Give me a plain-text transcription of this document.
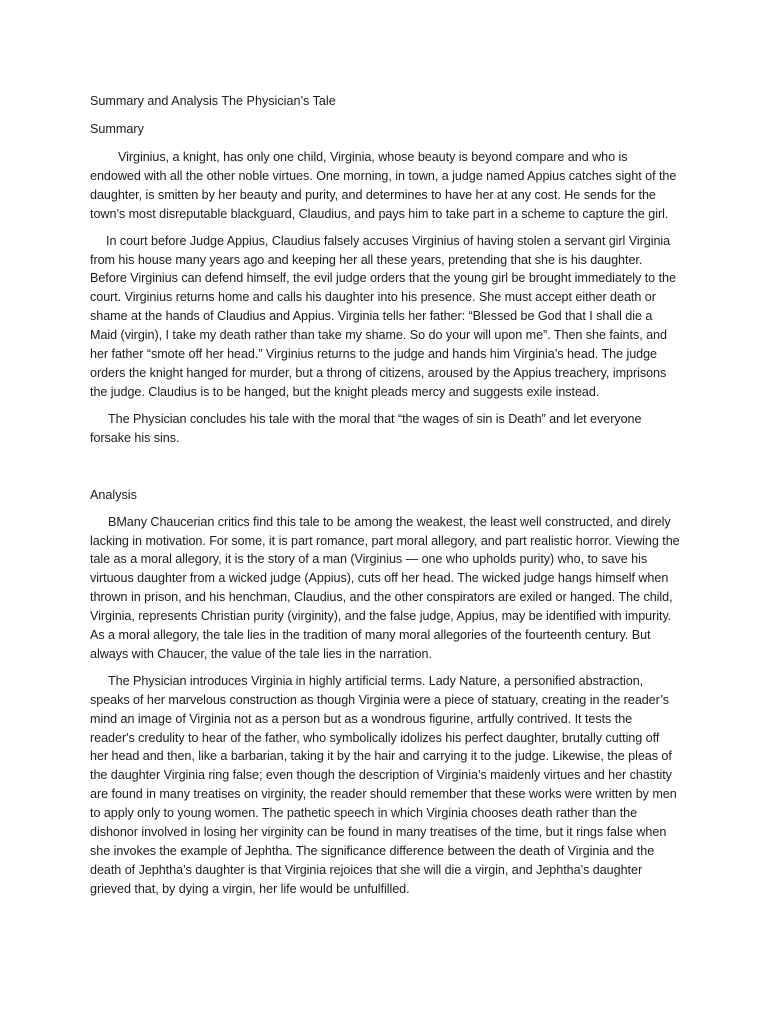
Summary and Analysis The Physician’s Tale

Summary

Virginius, a knight, has only one child, Virginia, whose beauty is beyond compare and who is endowed with all the other noble virtues. One morning, in town, a judge named Appius catches sight of the daughter, is smitten by her beauty and purity, and determines to have her at any cost. He sends for the town’s most disreputable blackguard, Claudius, and pays him to take part in a scheme to capture the girl.

In court before Judge Appius, Claudius falsely accuses Virginius of having stolen a servant girl Virginia from his house many years ago and keeping her all these years, pretending that she is his daughter. Before Virginius can defend himself, the evil judge orders that the young girl be brought immediately to the court. Virginius returns home and calls his daughter into his presence. She must accept either death or shame at the hands of Claudius and Appius. Virginia tells her father: “Blessed be God that I shall die a Maid (virgin), I take my death rather than take my shame. So do your will upon me”. Then she faints, and her father “smote off her head.” Virginius returns to the judge and hands him Virginia’s head. The judge orders the knight hanged for murder, but a throng of citizens, aroused by the Appius treachery, imprisons the judge. Claudius is to be hanged, but the knight pleads mercy and suggests exile instead.

The Physician concludes his tale with the moral that “the wages of sin is Death” and let everyone forsake his sins.

Analysis

BMany Chaucerian critics find this tale to be among the weakest, the least well constructed, and direly lacking in motivation. For some, it is part romance, part moral allegory, and part realistic horror. Viewing the tale as a moral allegory, it is the story of a man (Virginius — one who upholds purity) who, to save his virtuous daughter from a wicked judge (Appius), cuts off her head. The wicked judge hangs himself when thrown in prison, and his henchman, Claudius, and the other conspirators are exiled or hanged. The child, Virginia, represents Christian purity (virginity), and the false judge, Appius, may be identified with impurity. As a moral allegory, the tale lies in the tradition of many moral allegories of the fourteenth century. But always with Chaucer, the value of the tale lies in the narration.

The Physician introduces Virginia in highly artificial terms. Lady Nature, a personified abstraction, speaks of her marvelous construction as though Virginia were a piece of statuary, creating in the reader’s mind an image of Virginia not as a person but as a wondrous figurine, artfully contrived. It tests the reader's credulity to hear of the father, who symbolically idolizes his perfect daughter, brutally cutting off her head and then, like a barbarian, taking it by the hair and carrying it to the judge. Likewise, the pleas of the daughter Virginia ring false; even though the description of Virginia’s maidenly virtues and her chastity are found in many treatises on virginity, the reader should remember that these works were written by men to apply only to young women. The pathetic speech in which Virginia chooses death rather than the dishonor involved in losing her virginity can be found in many treatises of the time, but it rings false when she invokes the example of Jephtha. The significance difference between the death of Virginia and the death of Jephtha’s daughter is that Virginia rejoices that she will die a virgin, and Jephtha’s daughter grieved that, by dying a virgin, her life would be unfulfilled.
